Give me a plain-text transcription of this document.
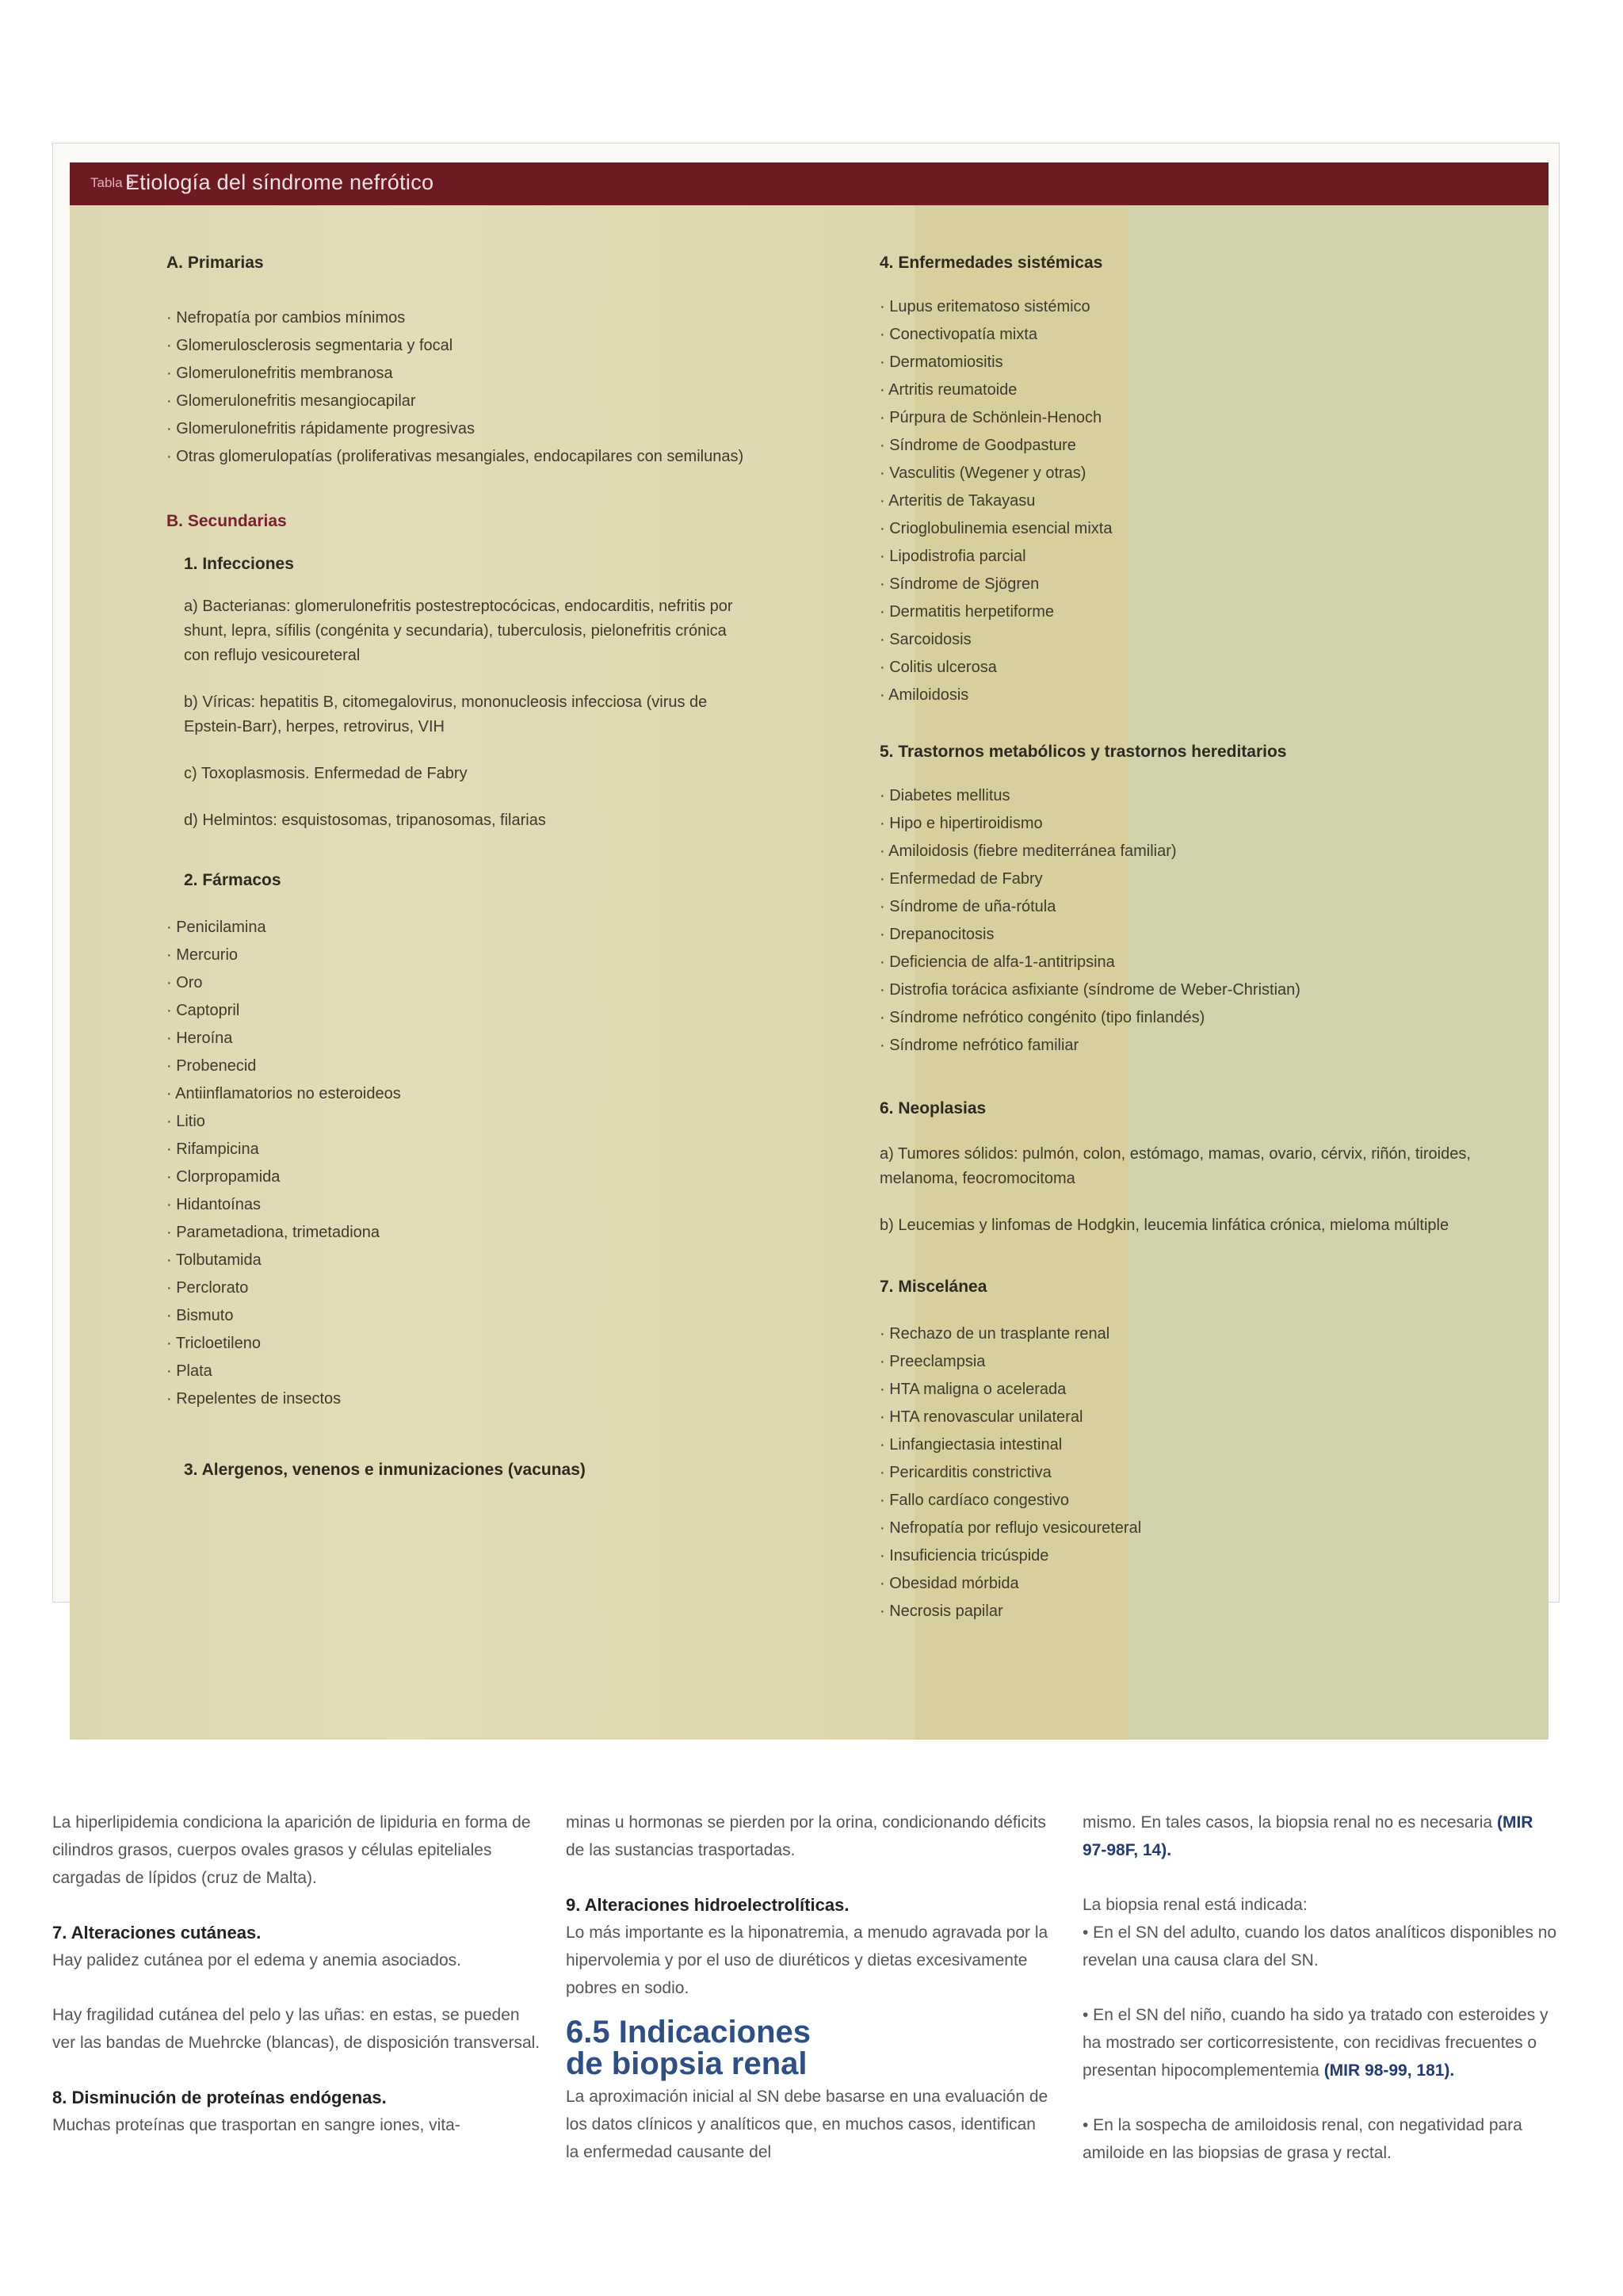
Tabla 9
Etiología del síndrome nefrótico
A. Primarias
· Nefropatía por cambios mínimos
· Glomerulosclerosis segmentaria y focal
· Glomerulonefritis membranosa
· Glomerulonefritis mesangiocapilar
· Glomerulonefritis rápidamente progresivas
· Otras glomerulopatías (proliferativas mesangiales, endocapilares con semilunas)
B. Secundarias
1. Infecciones
a) Bacterianas: glomerulonefritis postestreptocócicas, endocarditis, nefritis por shunt, lepra, sífilis (congénita y secundaria), tuberculosis, pielonefritis crónica con reflujo vesicoureteral
b) Víricas: hepatitis B, citomegalovirus, mononucleosis infecciosa (virus de Epstein-Barr), herpes, retrovirus, VIH
c) Toxoplasmosis. Enfermedad de Fabry
d) Helmintos: esquistosomas, tripanosomas, filarias
2. Fármacos
· Penicilamina
· Mercurio
· Oro
· Captopril
· Heroína
· Probenecid
· Antiinflamatorios no esteroideos
· Litio
· Rifampicina
· Clorpropamida
· Hidantoínas
· Parametadiona, trimetadiona
· Tolbutamida
· Perclorato
· Bismuto
· Tricloetileno
· Plata
· Repelentes de insectos
3. Alergenos, venenos e inmunizaciones (vacunas)
4. Enfermedades sistémicas
· Lupus eritematoso sistémico
· Conectivopatía mixta
· Dermatomiositis
· Artritis reumatoide
· Púrpura de Schönlein-Henoch
· Síndrome de Goodpasture
· Vasculitis (Wegener y otras)
· Arteritis de Takayasu
· Crioglobulinemia esencial mixta
· Lipodistrofia parcial
· Síndrome de Sjögren
· Dermatitis herpetiforme
· Sarcoidosis
· Colitis ulcerosa
· Amiloidosis
5. Trastornos metabólicos y trastornos hereditarios
· Diabetes mellitus
· Hipo e hipertiroidismo
· Amiloidosis (fiebre mediterránea familiar)
· Enfermedad de Fabry
· Síndrome de uña-rótula
· Drepanocitosis
· Deficiencia de alfa-1-antitripsina
· Distrofia torácica asfixiante (síndrome de Weber-Christian)
· Síndrome nefrótico congénito (tipo finlandés)
· Síndrome nefrótico familiar
6. Neoplasias
a) Tumores sólidos: pulmón, colon, estómago, mamas, ovario, cérvix, riñón, tiroides, melanoma, feocromocitoma
b) Leucemias y linfomas de Hodgkin, leucemia linfática crónica, mieloma múltiple
7. Miscelánea
· Rechazo de un trasplante renal
· Preeclampsia
· HTA maligna o acelerada
· HTA renovascular unilateral
· Linfangiectasia intestinal
· Pericarditis constrictiva
· Fallo cardíaco congestivo
· Nefropatía por reflujo vesicoureteral
· Insuficiencia tricúspide
· Obesidad mórbida
· Necrosis papilar

La hiperlipidemia condiciona la aparición de lipiduria en forma de cilindros grasos, cuerpos ovales grasos y células epiteliales cargadas de lípidos (cruz de Malta).

7. Alteraciones cutáneas.

Hay palidez cutánea por el edema y anemia asociados.

Hay fragilidad cutánea del pelo y las uñas: en estas, se pueden ver las bandas de Muehrcke (blancas), de disposición transversal.

8. Disminución de proteínas endógenas.

Muchas proteínas que trasportan en sangre iones, vita-

minas u hormonas se pierden por la orina, condicionando déficits de las sustancias trasportadas.

9. Alteraciones hidroelectrolíticas.

Lo más importante es la hiponatremia, a menudo agravada por la hipervolemia y por el uso de diuréticos y dietas excesivamente pobres en sodio.

6.5 Indicaciones
de biopsia renal

La aproximación inicial al SN debe basarse en una evaluación de los datos clínicos y analíticos que, en muchos casos, identifican la enfermedad causante del

mismo. En tales casos, la biopsia renal no es necesaria (MIR 97-98F, 14).

La biopsia renal está indicada:

• En el SN del adulto, cuando los datos analíticos disponibles no revelan una causa clara del SN.

• En el SN del niño, cuando ha sido ya tratado con esteroides y ha mostrado ser corticorresistente, con recidivas frecuentes o presentan hipocomplementemia (MIR 98-99, 181).

• En la sospecha de amiloidosis renal, con negatividad para amiloide en las biopsias de grasa y rectal.
